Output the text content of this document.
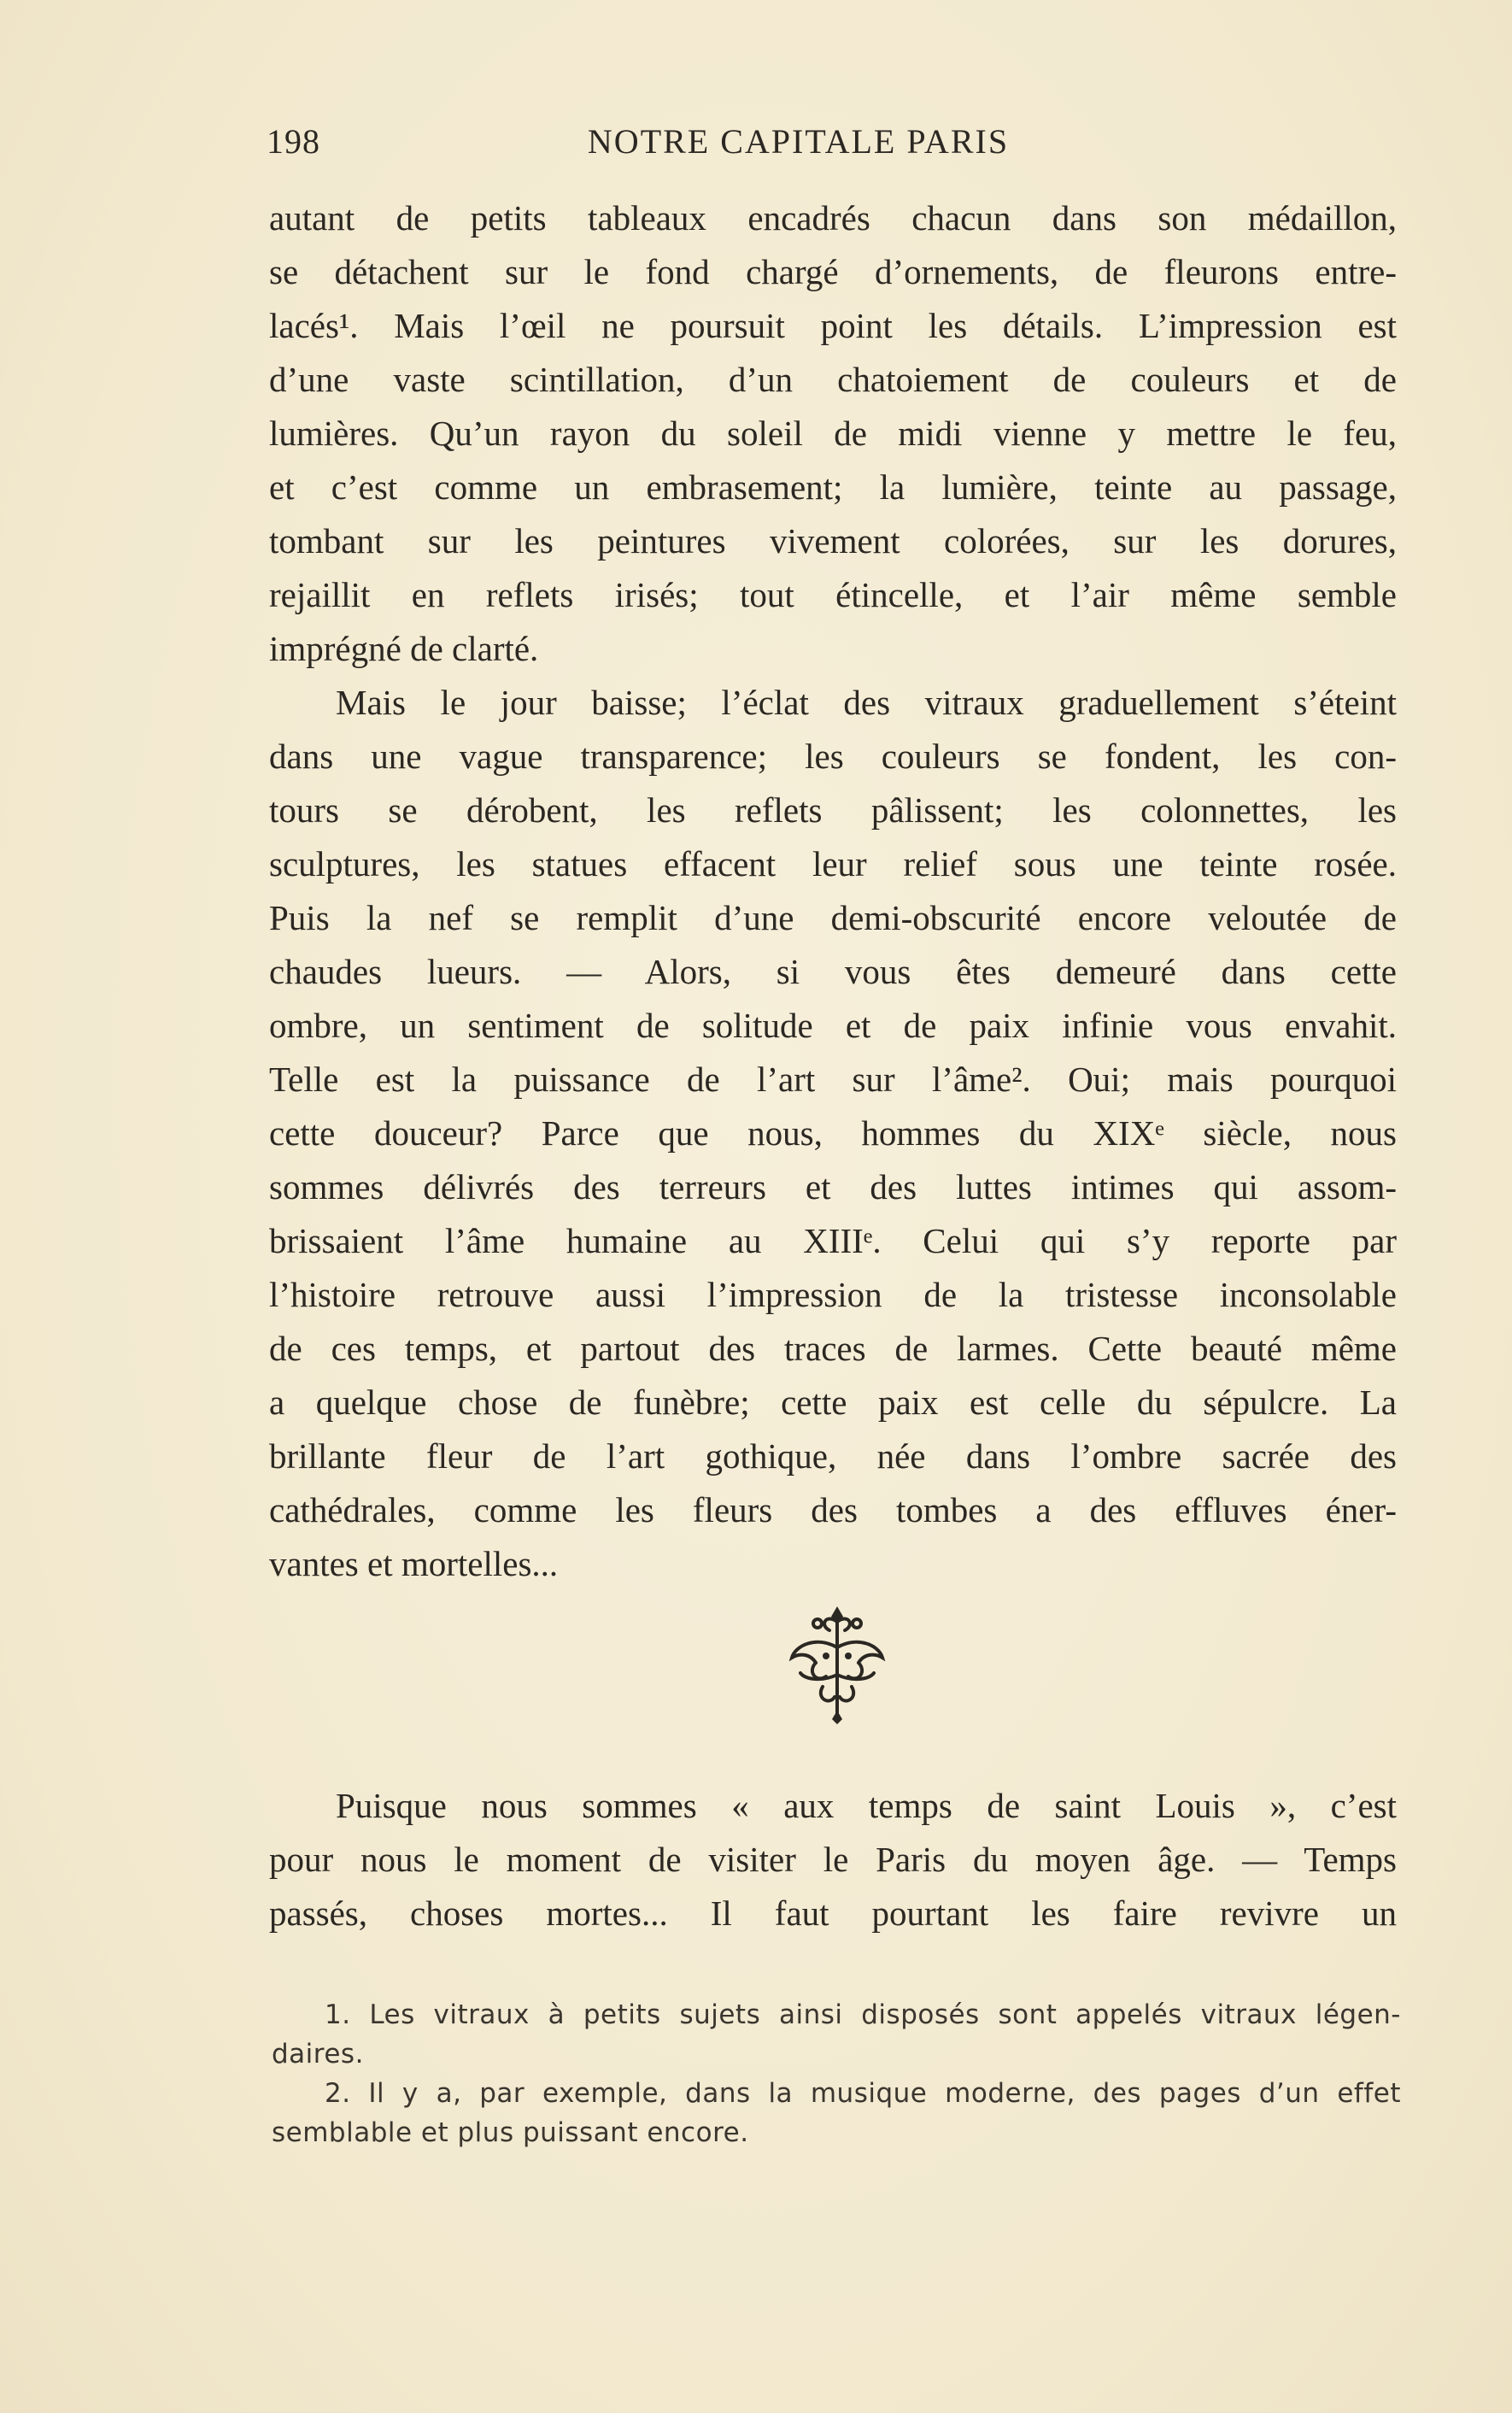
198	NOTRE CAPITALE PARIS
autant de petits tableaux encadrés chacun dans son médaillon,
se détachent sur le fond chargé d’ornements, de fleurons entre-
lacés¹. Mais l’œil ne poursuit point les détails. L’impression est
d’une vaste scintillation, d’un chatoiement de couleurs et de
lumières. Qu’un rayon du soleil de midi vienne y mettre le feu,
et c’est comme un embrasement; la lumière, teinte au passage,
tombant sur les peintures vivement colorées, sur les dorures,
rejaillit en reflets irisés; tout étincelle, et l’air même semble
imprégné de clarté.
Mais le jour baisse; l’éclat des vitraux graduellement s’éteint
dans une vague transparence; les couleurs se fondent, les con-
tours se dérobent, les reflets pâlissent; les colonnettes, les
sculptures, les statues effacent leur relief sous une teinte rosée.
Puis la nef se remplit d’une demi-obscurité encore veloutée de
chaudes lueurs. — Alors, si vous êtes demeuré dans cette
ombre, un sentiment de solitude et de paix infinie vous envahit.
Telle est la puissance de l’art sur l’âme². Oui; mais pourquoi
cette douceur? Parce que nous, hommes du XIXᵉ siècle, nous
sommes délivrés des terreurs et des luttes intimes qui assom-
brissaient l’âme humaine au XIIIᵉ. Celui qui s’y reporte par
l’histoire retrouve aussi l’impression de la tristesse inconsolable
de ces temps, et partout des traces de larmes. Cette beauté même
a quelque chose de funèbre; cette paix est celle du sépulcre. La
brillante fleur de l’art gothique, née dans l’ombre sacrée des
cathédrales, comme les fleurs des tombes a des effluves éner-
vantes et mortelles...
Puisque nous sommes « aux temps de saint Louis », c’est
pour nous le moment de visiter le Paris du moyen âge. — Temps
passés, choses mortes... Il faut pourtant les faire revivre un
1. Les vitraux à petits sujets ainsi disposés sont appelés vitraux légen-
daires.
2. Il y a, par exemple, dans la musique moderne, des pages d’un effet
semblable et plus puissant encore.
